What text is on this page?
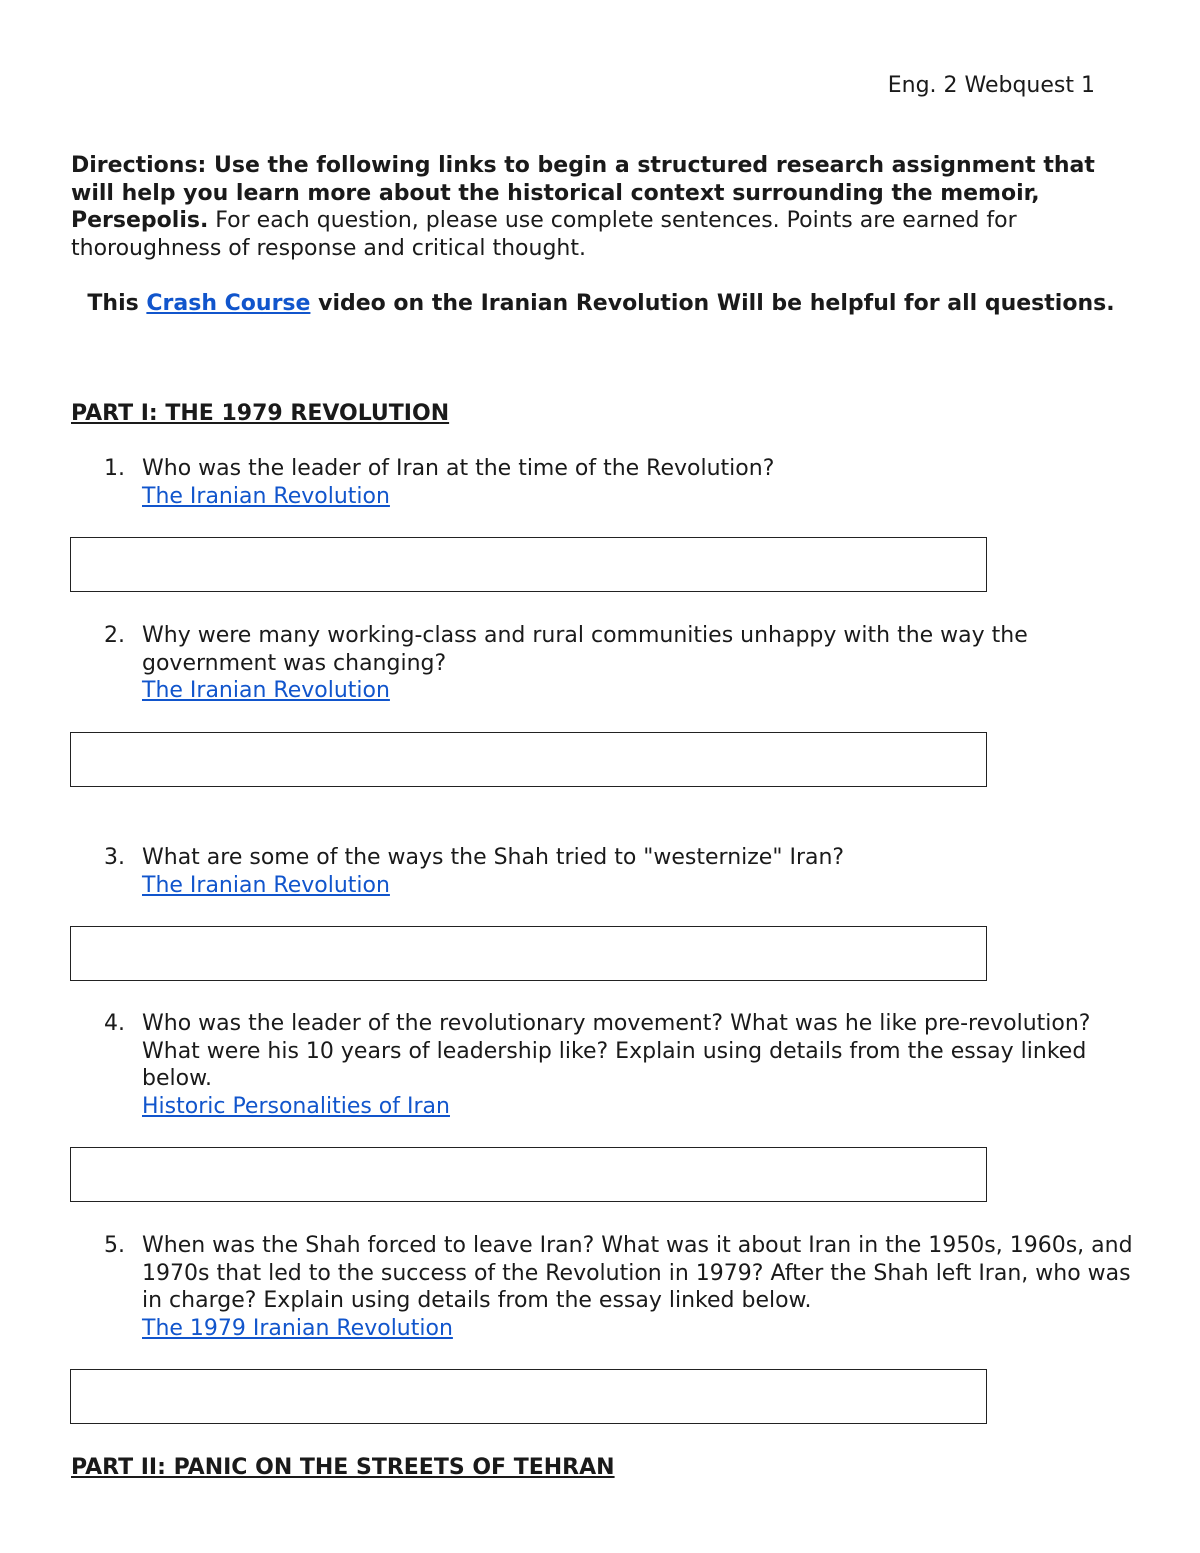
Eng. 2 Webquest 1
Directions: Use the following links to begin a structured research assignment that will help you learn more about the historical context surrounding the memoir, Persepolis. For each question, please use complete sentences. Points are earned for thoroughness of response and critical thought.
This Crash Course video on the Iranian Revolution Will be helpful for all questions.
PART I: THE 1979 REVOLUTION
1. Who was the leader of Iran at the time of the Revolution?
The Iranian Revolution
2. Why were many working-class and rural communities unhappy with the way the government was changing?
The Iranian Revolution
3. What are some of the ways the Shah tried to "westernize" Iran?
The Iranian Revolution
4. Who was the leader of the revolutionary movement? What was he like pre-revolution? What were his 10 years of leadership like? Explain using details from the essay linked below.
Historic Personalities of Iran
5. When was the Shah forced to leave Iran? What was it about Iran in the 1950s, 1960s, and 1970s that led to the success of the Revolution in 1979? After the Shah left Iran, who was in charge? Explain using details from the essay linked below.
The 1979 Iranian Revolution
PART II: PANIC ON THE STREETS OF TEHRAN
